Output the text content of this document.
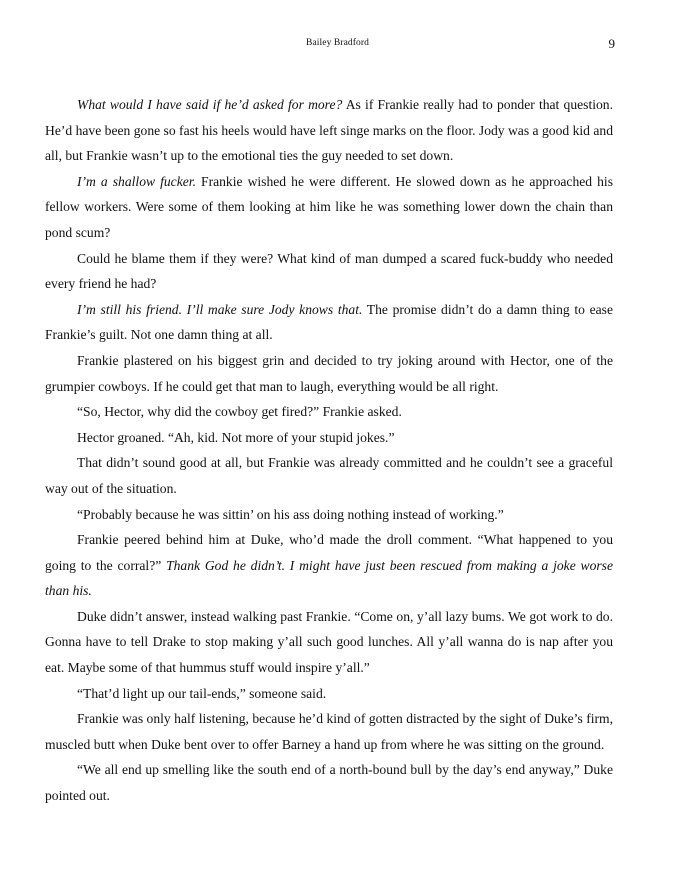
Bailey Bradford	9

What would I have said if he’d asked for more? As if Frankie really had to ponder that question. He’d have been gone so fast his heels would have left singe marks on the floor. Jody was a good kid and all, but Frankie wasn’t up to the emotional ties the guy needed to set down.

I’m a shallow fucker. Frankie wished he were different. He slowed down as he approached his fellow workers. Were some of them looking at him like he was something lower down the chain than pond scum?

Could he blame them if they were? What kind of man dumped a scared fuck-buddy who needed every friend he had?

I’m still his friend. I’ll make sure Jody knows that. The promise didn’t do a damn thing to ease Frankie’s guilt. Not one damn thing at all.

Frankie plastered on his biggest grin and decided to try joking around with Hector, one of the grumpier cowboys. If he could get that man to laugh, everything would be all right.

“So, Hector, why did the cowboy get fired?” Frankie asked.

Hector groaned. “Ah, kid. Not more of your stupid jokes.”

That didn’t sound good at all, but Frankie was already committed and he couldn’t see a graceful way out of the situation.

“Probably because he was sittin’ on his ass doing nothing instead of working.”

Frankie peered behind him at Duke, who’d made the droll comment. “What happened to you going to the corral?” Thank God he didn’t. I might have just been rescued from making a joke worse than his.

Duke didn’t answer, instead walking past Frankie. “Come on, y’all lazy bums. We got work to do. Gonna have to tell Drake to stop making y’all such good lunches. All y’all wanna do is nap after you eat. Maybe some of that hummus stuff would inspire y’all.”

“That’d light up our tail-ends,” someone said.

Frankie was only half listening, because he’d kind of gotten distracted by the sight of Duke’s firm, muscled butt when Duke bent over to offer Barney a hand up from where he was sitting on the ground.

“We all end up smelling like the south end of a north-bound bull by the day’s end anyway,” Duke pointed out.
